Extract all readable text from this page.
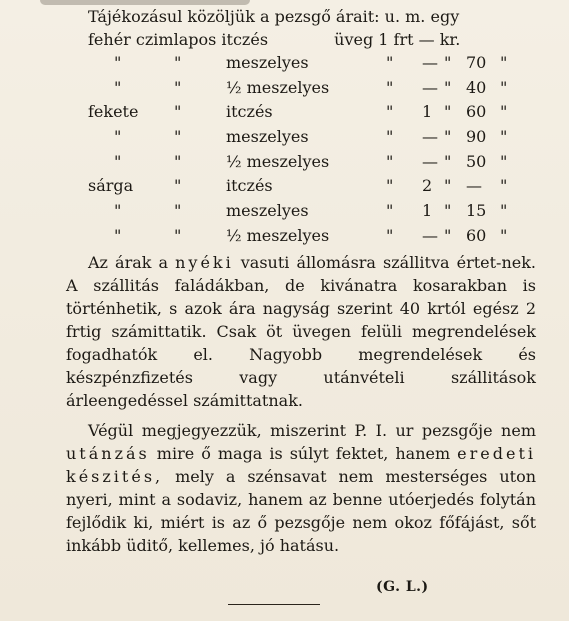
Tájékozásul közöljük a pezsgő árait: u. m. egy
fehér czimlapos itczés             üveg 1 frt — kr.
"	"	meszelyes	" — " 70 "
"	"	½ meszelyes	" — " 40 "
fekete "	itczés	" 1 " 60 "
"	"	meszelyes	" — " 90 "
"	"	½ meszelyes	" — " 50 "
sárga	"	itczés	" 2 " — "
"	"	meszelyes	" 1 " 15 "
"	"	½ meszelyes	" — " 60 "

Az árak a nyéki vasuti állomásra szállitva értet-nek. A szállitás faládákban, de kivánatra kosarakban is történhetik, s azok ára nagyság szerint 40 krtól egész 2 frtig számittatik. Csak öt üvegen felüli megrendelések fogadhatók el. Nagyobb megrendelések és készpénzfizetés vagy utánvételi szállitások árleengedéssel számittatnak.

Végül megjegyezzük, miszerint P. I. ur pezsgője nem utánzás mire ő maga is súlyt fektet, hanem eredeti készités, mely a szénsavat nem mesterséges uton nyeri, mint a sodaviz, hanem az benne utóerjedés folytán fejlődik ki, miért is az ő pezsgője nem okoz főfájást, sőt inkább üditő, kellemes, jó hatásu.

(G. L.)
